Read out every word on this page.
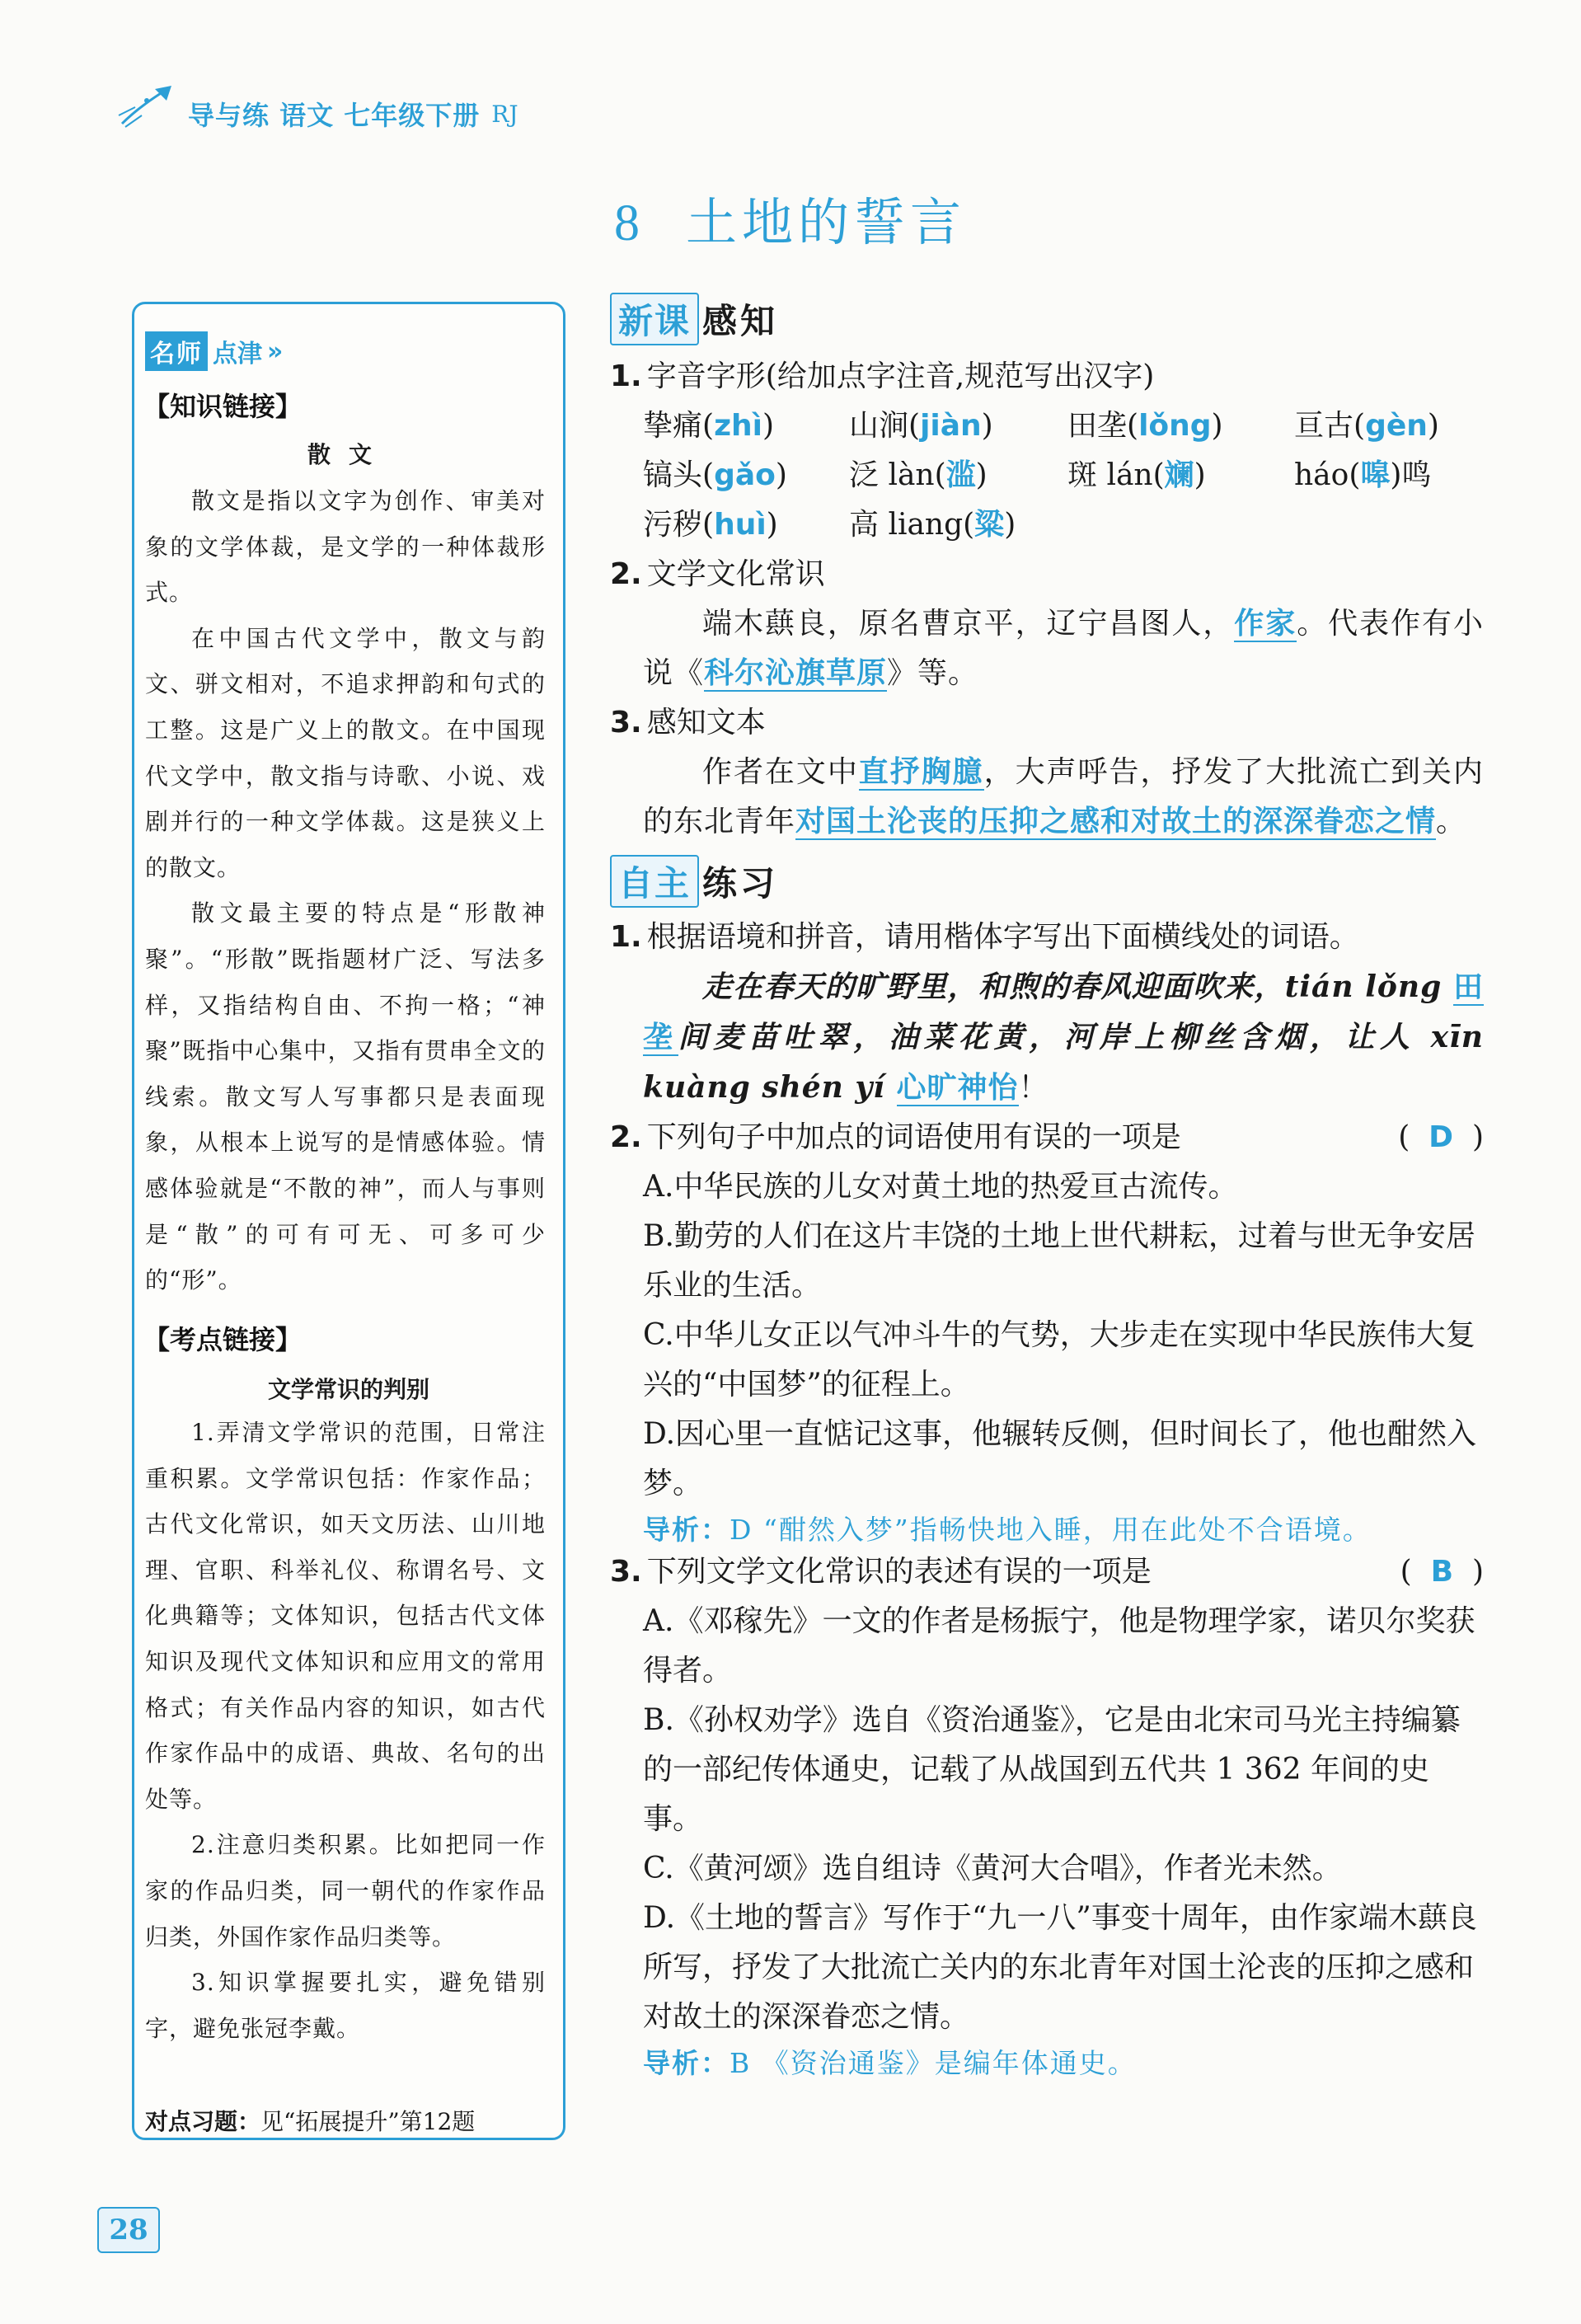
导与练 语文 七年级下册 RJ
8 土地的誓言
名师 点津 »
【知识链接】
散文

散文是指以文字为创作、审美对象的文学体裁，是文学的一种体裁形式。

在中国古代文学中，散文与韵文、骈文相对，不追求押韵和句式的工整。这是广义上的散文。在中国现代文学中，散文指与诗歌、小说、戏剧并行的一种文学体裁。这是狭义上的散文。

散文最主要的特点是“形散神聚”。“形散”既指题材广泛、写法多样，又指结构自由、不拘一格；“神聚”既指中心集中，又指有贯串全文的线索。散文写人写事都只是表面现象，从根本上说写的是情感体验。情感体验就是“不散的神”，而人与事则是“散”的可有可无、可多可少的“形”。

【考点链接】
文学常识的判别

1.弄清文学常识的范围，日常注重积累。文学常识包括：作家作品；古代文化常识，如天文历法、山川地理、官职、科举礼仪、称谓名号、文化典籍等；文体知识，包括古代文体知识及现代文体知识和应用文的常用格式；有关作品内容的知识，如古代作家作品中的成语、典故、名句的出处等。

2.注意归类积累。比如把同一作家的作品归类，同一朝代的作家作品归类，外国作家作品归类等。

3.知识掌握要扎实，避免错别字，避免张冠李戴。

对点习题：见“拓展提升”第12题
新课 感知
1. 字音字形(给加点字注音,规范写出汉字)
挚痛(zhì)	山涧(jiàn)	田垄(lǒng)	亘古(gèn)
镐头(gǎo)	泛 làn(滥)	斑 lán(斓)	háo(嗥)鸣
污秽(huì)	高 liang(粱)
2. 文学文化常识
端木蕻良，原名曹京平，辽宁昌图人，作家。代表作有小说《科尔沁旗草原》等。
3. 感知文本
作者在文中直抒胸臆，大声呼告，抒发了大批流亡到关内的东北青年对国土沦丧的压抑之感和对故土的深深眷恋之情。
自主 练习
1. 根据语境和拼音，请用楷体字写出下面横线处的词语。
走在春天的旷野里，和煦的春风迎面吹来，tián lǒng 田垄间麦苗吐翠，油菜花黄，河岸上柳丝含烟，让人 xīn kuàng shén yí 心旷神怡！
2. 下列句子中加点的词语使用有误的一项是	(  D  )
A.中华民族的儿女对黄土地的热爱亘古流传。
B.勤劳的人们在这片丰饶的土地上世代耕耘，过着与世无争安居乐业的生活。
C.中华儿女正以气冲斗牛的气势，大步走在实现中华民族伟大复兴的“中国梦”的征程上。
D.因心里一直惦记这事，他辗转反侧，但时间长了，他也酣然入梦。
导析：D “酣然入梦”指畅快地入睡，用在此处不合语境。
3. 下列文学文化常识的表述有误的一项是	(  B  )
A.《邓稼先》一文的作者是杨振宁，他是物理学家，诺贝尔奖获得者。
B.《孙权劝学》选自《资治通鉴》，它是由北宋司马光主持编纂的一部纪传体通史，记载了从战国到五代共 1 362 年间的史事。
C.《黄河颂》选自组诗《黄河大合唱》，作者光未然。
D.《土地的誓言》写作于“九一八”事变十周年，由作家端木蕻良所写，抒发了大批流亡关内的东北青年对国土沦丧的压抑之感和对故土的深深眷恋之情。
导析：B 《资治通鉴》是编年体通史。
28
